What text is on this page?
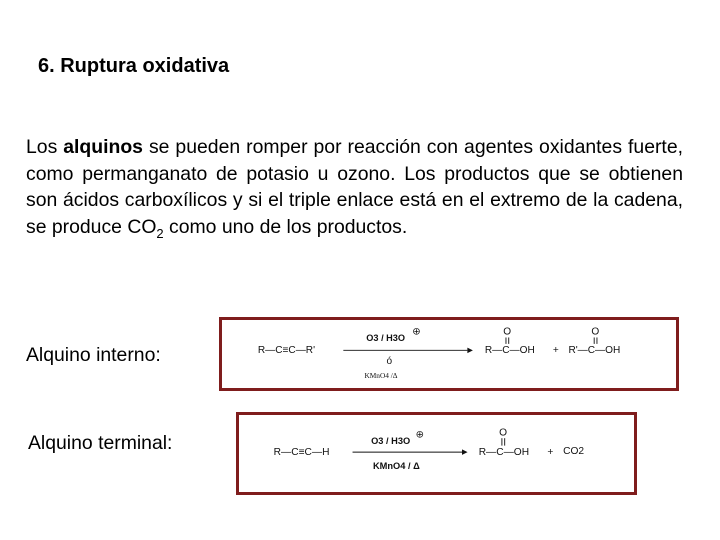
6. Ruptura oxidativa
Los alquinos se pueden romper por reacción con agentes oxidantes fuerte, como permanganato de potasio u ozono. Los productos que se obtienen son ácidos carboxílicos y si el triple enlace está en el extremo de la cadena, se produce $CO_2$ como uno de los productos.
Alquino interno:
Alquino terminal:
R—C≡C—R'
O3 / H3O
⊕
ó
KMnO4 /Δ
O
R—C—OH +
O
R'—C—OH
R—C≡C—H
O3 / H3O
⊕
KMnO4 / Δ
O
R—C—OH + CO2
